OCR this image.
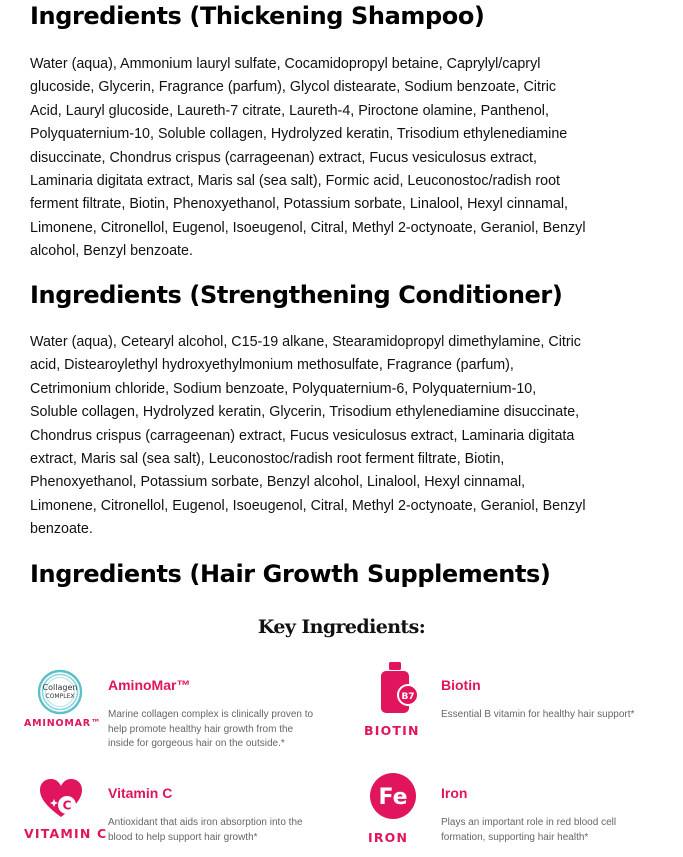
Ingredients (Thickening Shampoo)

Water (aqua), Ammonium lauryl sulfate, Cocamidopropyl betaine, Caprylyl/capryl
glucoside, Glycerin, Fragrance (parfum), Glycol distearate, Sodium benzoate, Citric
Acid, Lauryl glucoside, Laureth-7 citrate, Laureth-4, Piroctone olamine, Panthenol,
Polyquaternium-10, Soluble collagen, Hydrolyzed keratin, Trisodium ethylenediamine
disuccinate, Chondrus crispus (carrageenan) extract, Fucus vesiculosus extract,
Laminaria digitata extract, Maris sal (sea salt), Formic acid, Leuconostoc/radish root
ferment filtrate, Biotin, Phenoxyethanol, Potassium sorbate, Linalool, Hexyl cinnamal,
Limonene, Citronellol, Eugenol, Isoeugenol, Citral, Methyl 2-octynoate, Geraniol, Benzyl
alcohol, Benzyl benzoate.

Ingredients (Strengthening Conditioner)

Water (aqua), Cetearyl alcohol, C15-19 alkane, Stearamidopropyl dimethylamine, Citric
acid, Distearoylethyl hydroxyethylmonium methosulfate, Fragrance (parfum),
Cetrimonium chloride, Sodium benzoate, Polyquaternium-6, Polyquaternium-10,
Soluble collagen, Hydrolyzed keratin, Glycerin, Trisodium ethylenediamine disuccinate,
Chondrus crispus (carrageenan) extract, Fucus vesiculosus extract, Laminaria digitata
extract, Maris sal (sea salt), Leuconostoc/radish root ferment filtrate, Biotin,
Phenoxyethanol, Potassium sorbate, Benzyl alcohol, Linalool, Hexyl cinnamal,
Limonene, Citronellol, Eugenol, Isoeugenol, Citral, Methyl 2-octynoate, Geraniol, Benzyl
benzoate.

Ingredients (Hair Growth Supplements)
Key Ingredients:
Collagen
COMPLEX
AMINOMAR™
AminoMar™
Marine collagen complex is clinically proven to
help promote healthy hair growth from the
inside for gorgeous hair on the outside.*
B7
BIOTIN
Biotin
Essential B vitamin for healthy hair support*
C
VITAMIN C
Vitamin C
Antioxidant that aids iron absorption into the
blood to help support hair growth*
Fe
IRON
Iron
Plays an important role in red blood cell
formation, supporting hair health*
